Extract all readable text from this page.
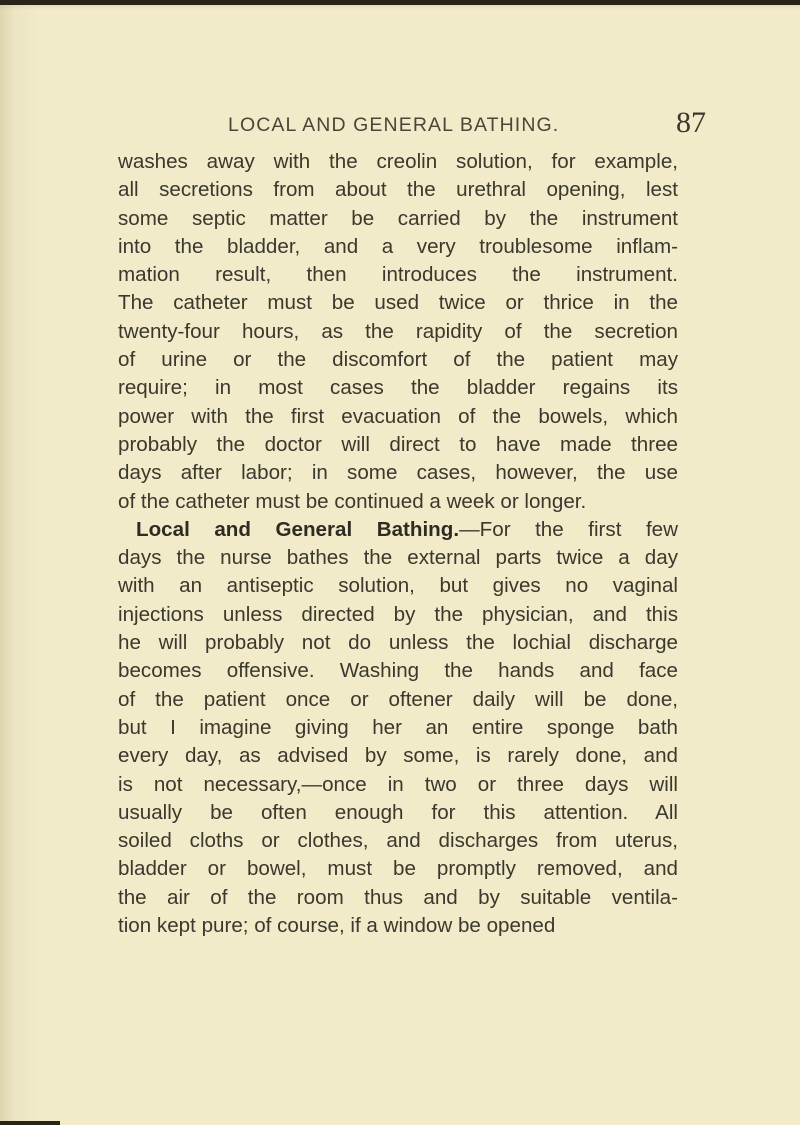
LOCAL AND GENERAL BATHING.	87
washes away with the creolin solution, for example,
all secretions from about the urethral opening, lest
some septic matter be carried by the instrument
into the bladder, and a very troublesome inflam-
mation result, then introduces the instrument.
The catheter must be used twice or thrice in the
twenty-four hours, as the rapidity of the secretion
of urine or the discomfort of the patient may
require; in most cases the bladder regains its
power with the first evacuation of the bowels, which
probably the doctor will direct to have made three
days after labor; in some cases, however, the use
of the catheter must be continued a week or longer.
Local and General Bathing.—For the first few
days the nurse bathes the external parts twice a day
with an antiseptic solution, but gives no vaginal
injections unless directed by the physician, and this
he will probably not do unless the lochial discharge
becomes offensive. Washing the hands and face
of the patient once or oftener daily will be done,
but I imagine giving her an entire sponge bath
every day, as advised by some, is rarely done, and
is not necessary,—once in two or three days will
usually be often enough for this attention. All
soiled cloths or clothes, and discharges from uterus,
bladder or bowel, must be promptly removed, and
the air of the room thus and by suitable ventila-
tion kept pure; of course, if a window be opened
